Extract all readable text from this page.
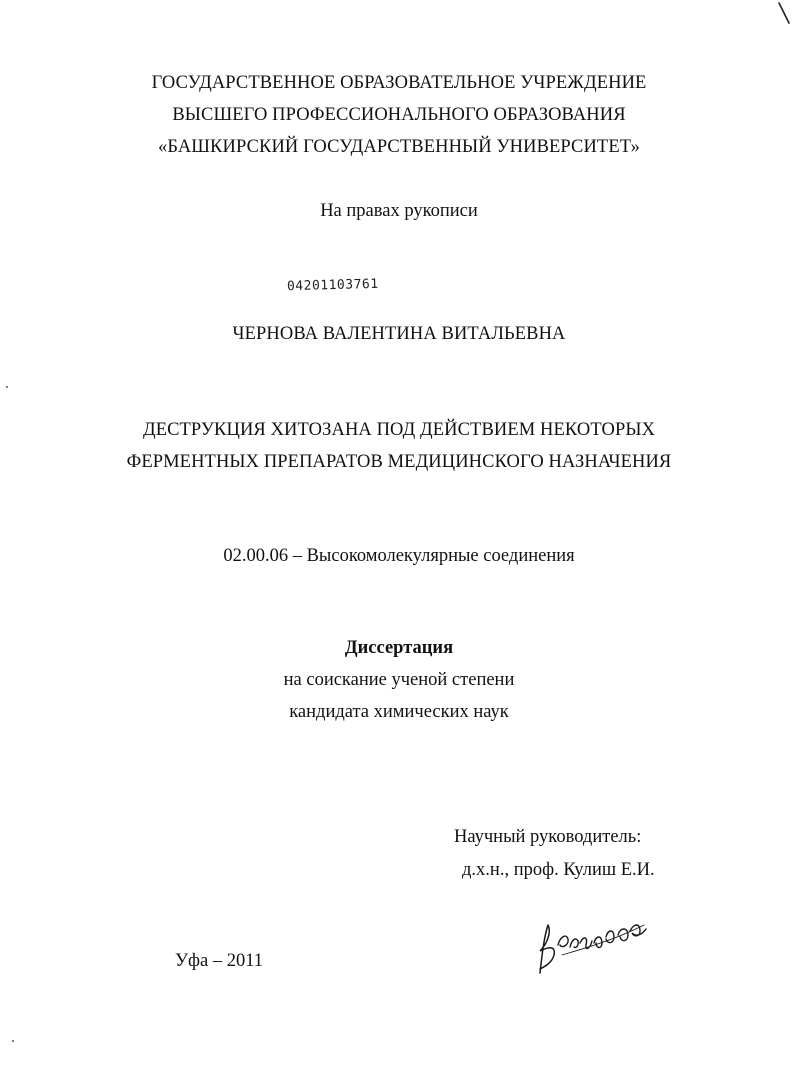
ГОСУДАРСТВЕННОЕ ОБРАЗОВАТЕЛЬНОЕ УЧРЕЖДЕНИЕ
ВЫСШЕГО ПРОФЕССИОНАЛЬНОГО ОБРАЗОВАНИЯ
«БАШКИРСКИЙ ГОСУДАРСТВЕННЫЙ УНИВЕРСИТЕТ»
На правах рукописи
04201103761
ЧЕРНОВА ВАЛЕНТИНА ВИТАЛЬЕВНА
ДЕСТРУКЦИЯ ХИТОЗАНА ПОД ДЕЙСТВИЕМ НЕКОТОРЫХ
ФЕРМЕНТНЫХ ПРЕПАРАТОВ МЕДИЦИНСКОГО НАЗНАЧЕНИЯ
02.00.06 – Высокомолекулярные соединения
Диссертация
на соискание ученой степени
кандидата химических наук
Научный руководитель:
д.х.н., проф. Кулиш Е.И.
Уфа – 2011
